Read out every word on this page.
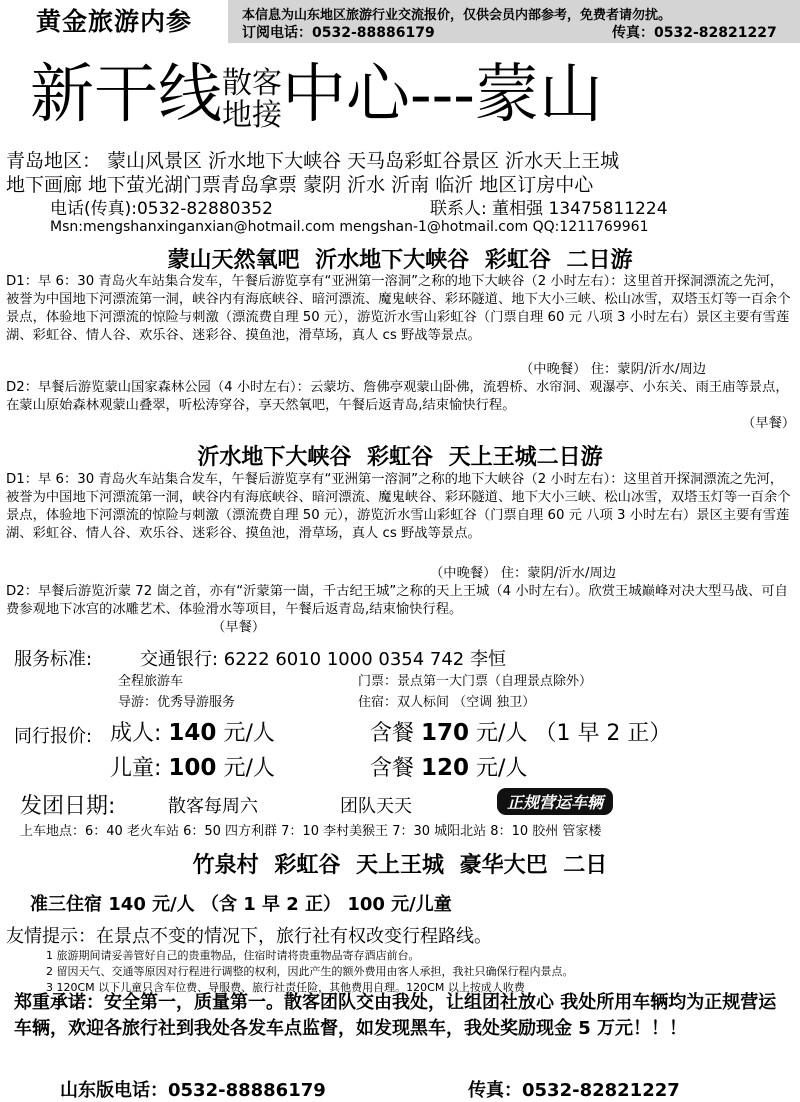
黄金旅游内参	本信息为山东地区旅游行业交流报价，仅供会员内部参考，免费者请勿扰。
订阅电话：0532-88886179	传真：0532-82821227
新干线散客
地接中心---蒙山
青岛地区： 蒙山风景区 沂水地下大峡谷 天马岛彩虹谷景区 沂水天上王城
地下画廊 地下萤光湖门票青岛拿票 蒙阴 沂水 沂南 临沂 地区订房中心
电话(传真):0532-82880352	联系人: 董相强 13475811224
Msn:mengshanxinganxian@hotmail.com mengshan-1@hotmail.com QQ:1211769961
蒙山天然氧吧 沂水地下大峡谷 彩虹谷 二日游
D1：早 6：30 青岛火车站集合发车，午餐后游览享有“亚洲第一溶洞”之称的地下大峡谷（2 小时左右）：这里首开探洞漂流之先河，被誉为中国地下河漂流第一洞，峡谷内有海底峡谷、暗河漂流、魔鬼峡谷、彩环隧道、地下大小三峡、松山冰雪，双塔玉灯等一百余个景点，体验地下河漂流的惊险与刺激（漂流费自理 50 元），游览沂水雪山彩虹谷（门票自理 60 元 八项 3 小时左右）景区主要有雪莲湖、彩虹谷、情人谷、欢乐谷、迷彩谷、摸鱼池，滑草场，真人 cs 野战等景点。
（中晚餐） 住：蒙阴/沂水/周边
D2：早餐后游览蒙山国家森林公园（4 小时左右）：云蒙坊、詹佛亭观蒙山卧佛，流碧桥、水帘洞、观瀑亭、小东关、雨王庙等景点，在蒙山原始森林观蒙山叠翠，听松涛穿谷，享天然氧吧，午餐后返青岛,结束愉快行程。
（早餐）
沂水地下大峡谷 彩虹谷 天上王城二日游
D1：早 6：30 青岛火车站集合发车，午餐后游览享有“亚洲第一溶洞”之称的地下大峡谷（2 小时左右）：这里首开探洞漂流之先河，被誉为中国地下河漂流第一洞，峡谷内有海底峡谷、暗河漂流、魔鬼峡谷、彩环隧道、地下大小三峡、松山冰雪，双塔玉灯等一百余个景点，体验地下河漂流的惊险与刺激（漂流费自理 50 元），游览沂水雪山彩虹谷（门票自理 60 元 八项 3 小时左右）景区主要有雪莲湖、彩虹谷、情人谷、欢乐谷、迷彩谷、摸鱼池，滑草场，真人 cs 野战等景点。
（中晚餐） 住：蒙阴/沂水/周边
D2：早餐后游览沂蒙 72 崮之首，亦有“沂蒙第一崮，千古纪王城”之称的天上王城（4 小时左右）。欣赏王城巅峰对决大型马战、可自费参观地下冰宫的冰雕艺术、体验滑水等项目，午餐后返青岛,结束愉快行程。
（早餐）
服务标准:	交通银行: 6222 6010 1000 0354 742 李恒
全程旅游车	门票：景点第一大门票（自理景点除外）
导游：优秀导游服务	住宿：双人标间 （空调 独卫）
同行报价: 成人: 140 元/人	含餐 170 元/人 （1 早 2 正）
儿童: 100 元/人	含餐 120 元/人
发团日期:	散客每周六	团队天天	正规营运车辆
上车地点：6：40 老火车站 6：50 四方利群 7：10 李村美猴王 7：30 城阳北站 8：10 胶州 管家楼
竹泉村 彩虹谷 天上王城 豪华大巴 二日
准三住宿 140 元/人 （含 1 早 2 正） 100 元/儿童
友情提示：在景点不变的情况下，旅行社有权改变行程路线。
1 旅游期间请妥善管好自己的贵重物品，住宿时请将贵重物品寄存酒店前台。
2 留因天气、交通等原因对行程进行调整的权利，因此产生的额外费用由客人承担，我社只确保行程内景点。
3 120CM 以下儿童只含车位费、导服费、旅行社责任险，其他费用自理。120CM 以上按成人收费
郑重承诺：安全第一，质量第一。散客团队交由我处，让组团社放心 我处所用车辆均为正规营运车辆，欢迎各旅行社到我处各发车点监督，如发现黑车，我处奖励现金 5 万元！！！
山东版电话：0532-88886179	传真：0532-82821227
